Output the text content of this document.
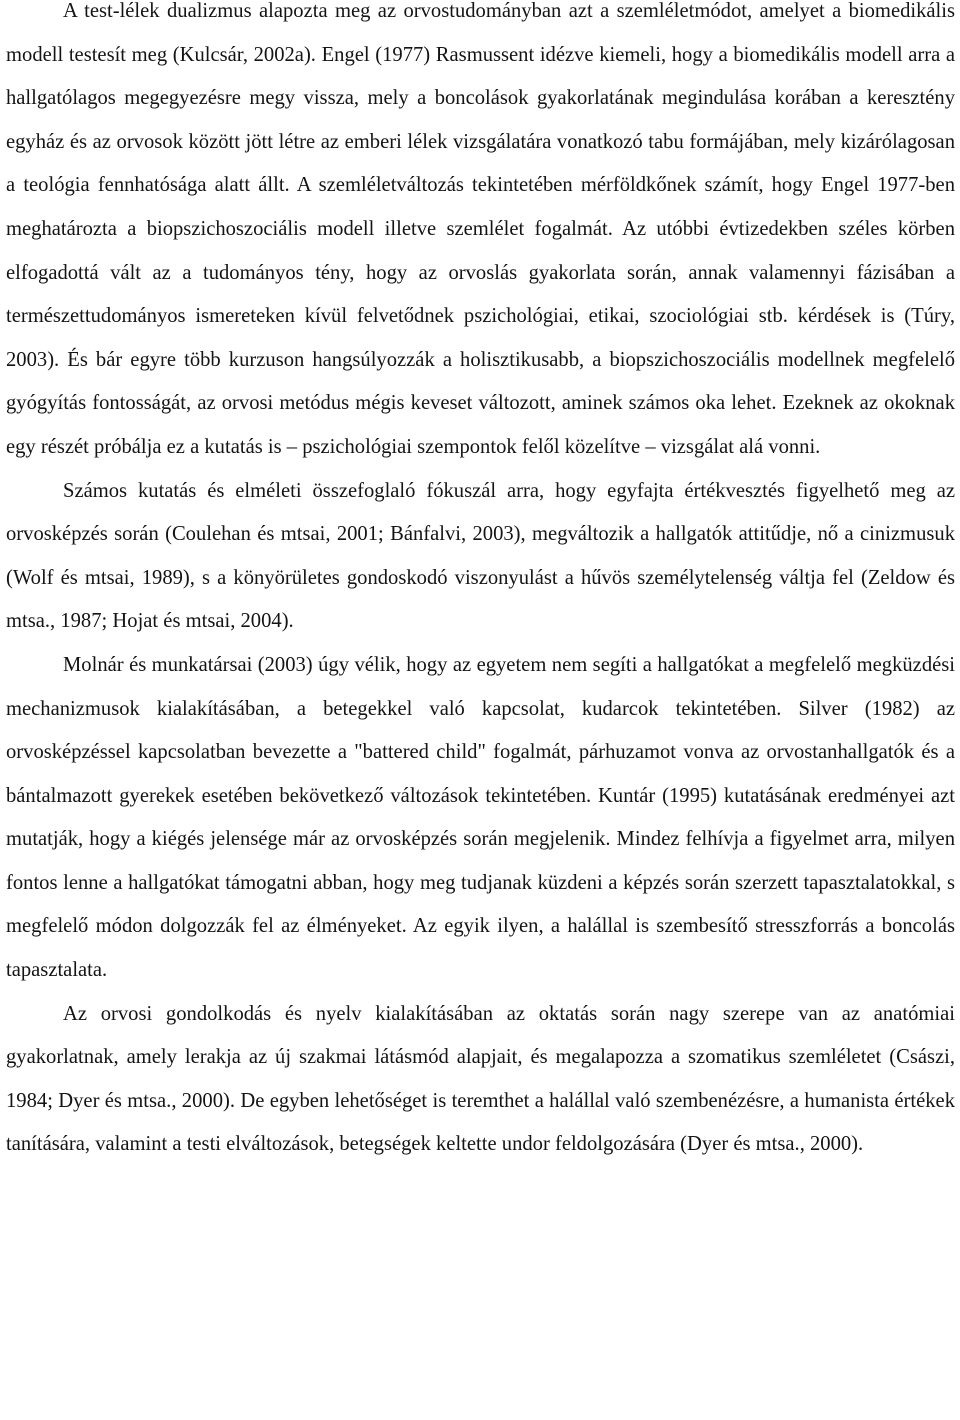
A test-lélek dualizmus alapozta meg az orvostudományban azt a szemléletmódot, amelyet a biomedikális modell testesít meg (Kulcsár, 2002a). Engel (1977) Rasmussent idézve kiemeli, hogy a biomedikális modell arra a hallgatólagos megegyezésre megy vissza, mely a boncolások gyakorlatának megindulása korában a keresztény egyház és az orvosok között jött létre az emberi lélek vizsgálatára vonatkozó tabu formájában, mely kizárólagosan a teológia fennhatósága alatt állt. A szemléletváltozás tekintetében mérföldkőnek számít, hogy Engel 1977-ben meghatározta a biopszichoszociális modell illetve szemlélet fogalmát. Az utóbbi évtizedekben széles körben elfogadottá vált az a tudományos tény, hogy az orvoslás gyakorlata során, annak valamennyi fázisában a természettudományos ismereteken kívül felvetődnek pszichológiai, etikai, szociológiai stb. kérdések is (Túry, 2003). És bár egyre több kurzuson hangsúlyozzák a holisztikusabb, a biopszichoszociális modellnek megfelelő gyógyítás fontosságát, az orvosi metódus mégis keveset változott, aminek számos oka lehet. Ezeknek az okoknak egy részét próbálja ez a kutatás is – pszichológiai szempontok felől közelítve – vizsgálat alá vonni.

Számos kutatás és elméleti összefoglaló fókuszál arra, hogy egyfajta értékvesztés figyelhető meg az orvosképzés során (Coulehan és mtsai, 2001; Bánfalvi, 2003), megváltozik a hallgatók attitűdje, nő a cinizmusuk (Wolf és mtsai, 1989), s a könyörületes gondoskodó viszonyulást a hűvös személytelenség váltja fel (Zeldow és mtsa., 1987; Hojat és mtsai, 2004).

Molnár és munkatársai (2003) úgy vélik, hogy az egyetem nem segíti a hallgatókat a megfelelő megküzdési mechanizmusok kialakításában, a betegekkel való kapcsolat, kudarcok tekintetében. Silver (1982) az orvosképzéssel kapcsolatban bevezette a "battered child" fogalmát, párhuzamot vonva az orvostanhallgatók és a bántalmazott gyerekek esetében bekövetkező változások tekintetében. Kuntár (1995) kutatásának eredményei azt mutatják, hogy a kiégés jelensége már az orvosképzés során megjelenik. Mindez felhívja a figyelmet arra, milyen fontos lenne a hallgatókat támogatni abban, hogy meg tudjanak küzdeni a képzés során szerzett tapasztalatokkal, s megfelelő módon dolgozzák fel az élményeket. Az egyik ilyen, a halállal is szembesítő stresszforrás a boncolás tapasztalata.

Az orvosi gondolkodás és nyelv kialakításában az oktatás során nagy szerepe van az anatómiai gyakorlatnak, amely lerakja az új szakmai látásmód alapjait, és megalapozza a szomatikus szemléletet (Császi, 1984; Dyer és mtsa., 2000). De egyben lehetőséget is teremthet a halállal való szembenézésre, a humanista értékek tanítására, valamint a testi elváltozások, betegségek keltette undor feldolgozására (Dyer és mtsa., 2000).
